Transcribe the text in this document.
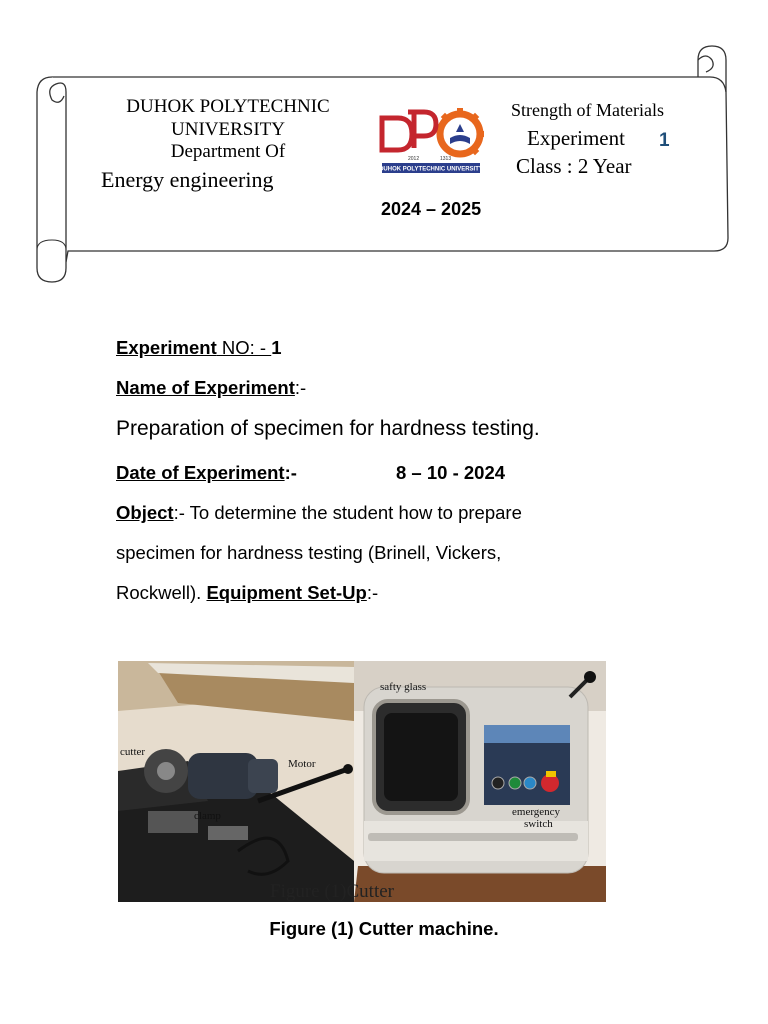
DUHOK POLYTECHNIC
UNIVERSITY
Department Of
Energy engineering
2024 – 2025
Strength of Materials
Experiment 1
Class : 2 Year
2012	1313
DUHOK POLYTECHNIC UNIVERSITY
Experiment NO: - 1
Name of Experiment:-
Preparation of specimen for hardness testing.
Date of Experiment:-	8 – 10 - 2024
Object:- To determine the student how to prepare
specimen for hardness testing (Brinell, Vickers,
Rockwell). Equipment Set-Up:-
cutter
Motor
clamp
safty glass
emergency
switch
Figure (1)Cutter
Figure (1) Cutter machine.
